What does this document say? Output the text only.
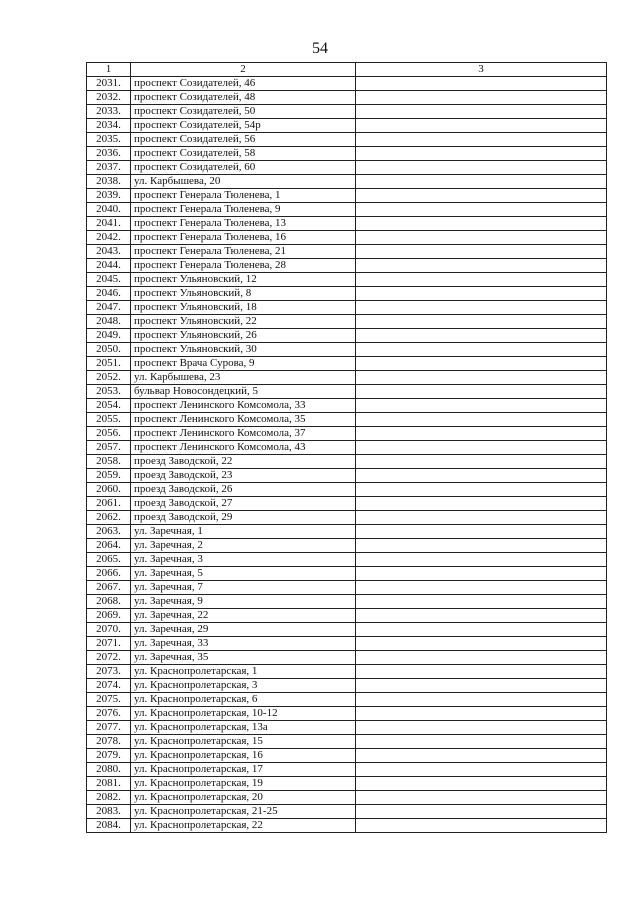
54
1	2	3
2031.	проспект Созидателей, 46	
2032.	проспект Созидателей, 48	
2033.	проспект Созидателей, 50	
2034.	проспект Созидателей, 54р	
2035.	проспект Созидателей, 56	
2036.	проспект Созидателей, 58	
2037.	проспект Созидателей, 60	
2038.	ул. Карбышева, 20	
2039.	проспект Генерала Тюленева, 1	
2040.	проспект Генерала Тюленева, 9	
2041.	проспект Генерала Тюленева, 13	
2042.	проспект Генерала Тюленева, 16	
2043.	проспект Генерала Тюленева, 21	
2044.	проспект Генерала Тюленева, 28	
2045.	проспект Ульяновский, 12	
2046.	проспект Ульяновский, 8	
2047.	проспект Ульяновский, 18	
2048.	проспект Ульяновский, 22	
2049.	проспект Ульяновский, 26	
2050.	проспект Ульяновский, 30	
2051.	проспект Врача Сурова, 9	
2052.	ул. Карбышева, 23	
2053.	бульвар Новосондецкий, 5	
2054.	проспект Ленинского Комсомола, 33	
2055.	проспект Ленинского Комсомола, 35	
2056.	проспект Ленинского Комсомола, 37	
2057.	проспект Ленинского Комсомола, 43	
2058.	проезд Заводской, 22	
2059.	проезд Заводской, 23	
2060.	проезд Заводской, 26	
2061.	проезд Заводской, 27	
2062.	проезд Заводской, 29	
2063.	ул. Заречная, 1	
2064.	ул. Заречная, 2	
2065.	ул. Заречная, 3	
2066.	ул. Заречная, 5	
2067.	ул. Заречная, 7	
2068.	ул. Заречная, 9	
2069.	ул. Заречная, 22	
2070.	ул. Заречная, 29	
2071.	ул. Заречная, 33	
2072.	ул. Заречная, 35	
2073.	ул. Краснопролетарская, 1	
2074.	ул. Краснопролетарская, 3	
2075.	ул. Краснопролетарская, 6	
2076.	ул. Краснопролетарская, 10-12	
2077.	ул. Краснопролетарская, 13а	
2078.	ул. Краснопролетарская, 15	
2079.	ул. Краснопролетарская, 16	
2080.	ул. Краснопролетарская, 17	
2081.	ул. Краснопролетарская, 19	
2082.	ул. Краснопролетарская, 20	
2083.	ул. Краснопролетарская, 21-25	
2084.	ул. Краснопролетарская, 22	
